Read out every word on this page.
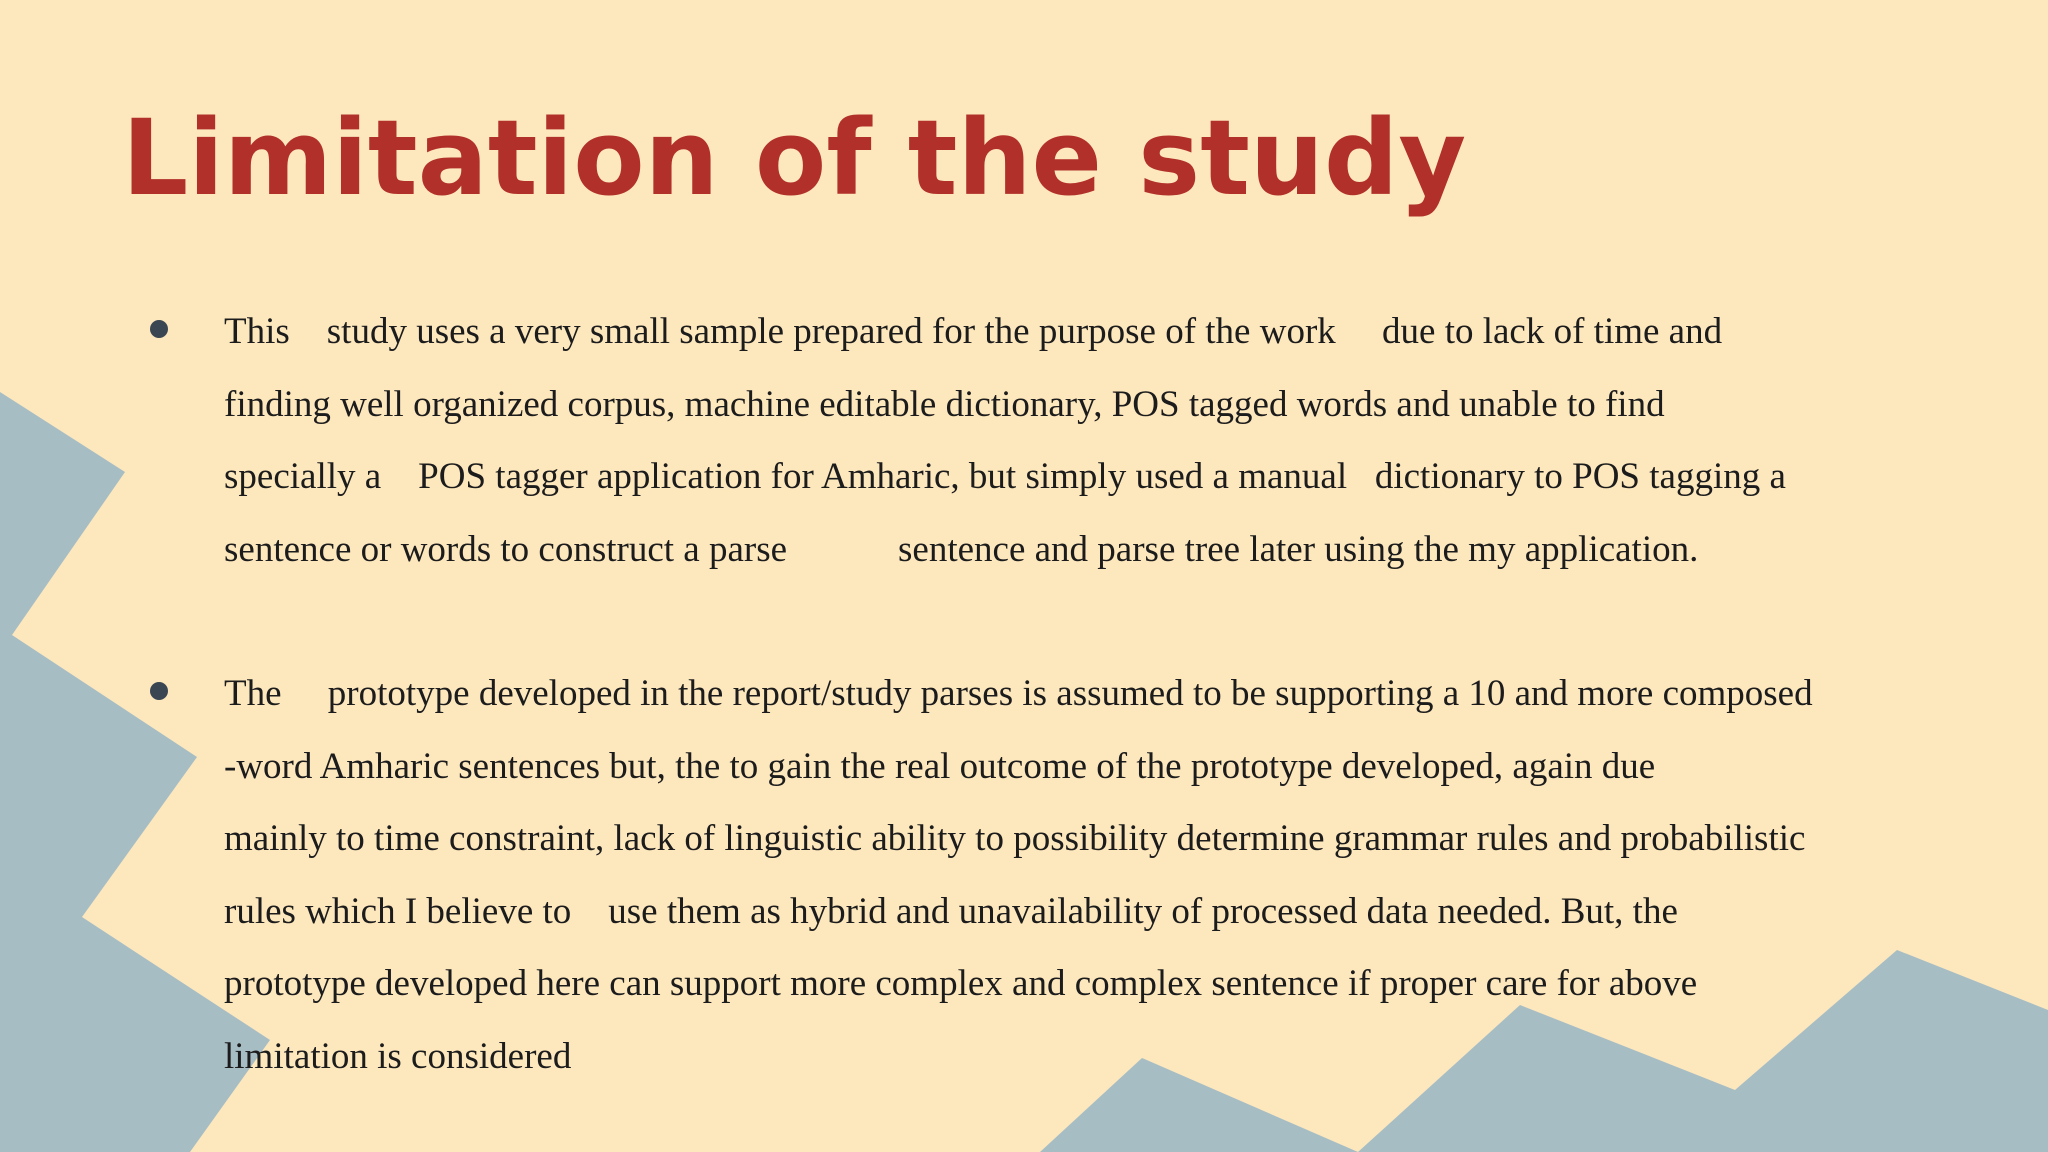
Limitation of the study
This    study uses a very small sample prepared for the purpose of the work     due to lack of time and
finding well organized corpus, machine editable dictionary, POS tagged words and unable to find
specially a    POS tagger application for Amharic, but simply used a manual   dictionary to POS tagging a
sentence or words to construct a parse            sentence and parse tree later using the my application.
The     prototype developed in the report/study parses is assumed to be supporting a 10 and more composed
-word Amharic sentences but, the to gain the real outcome of the prototype developed, again due
mainly to time constraint, lack of linguistic ability to possibility determine grammar rules and probabilistic
rules which I believe to    use them as hybrid and unavailability of processed data needed. But, the
prototype developed here can support more complex and complex sentence if proper care for above
limitation is considered
